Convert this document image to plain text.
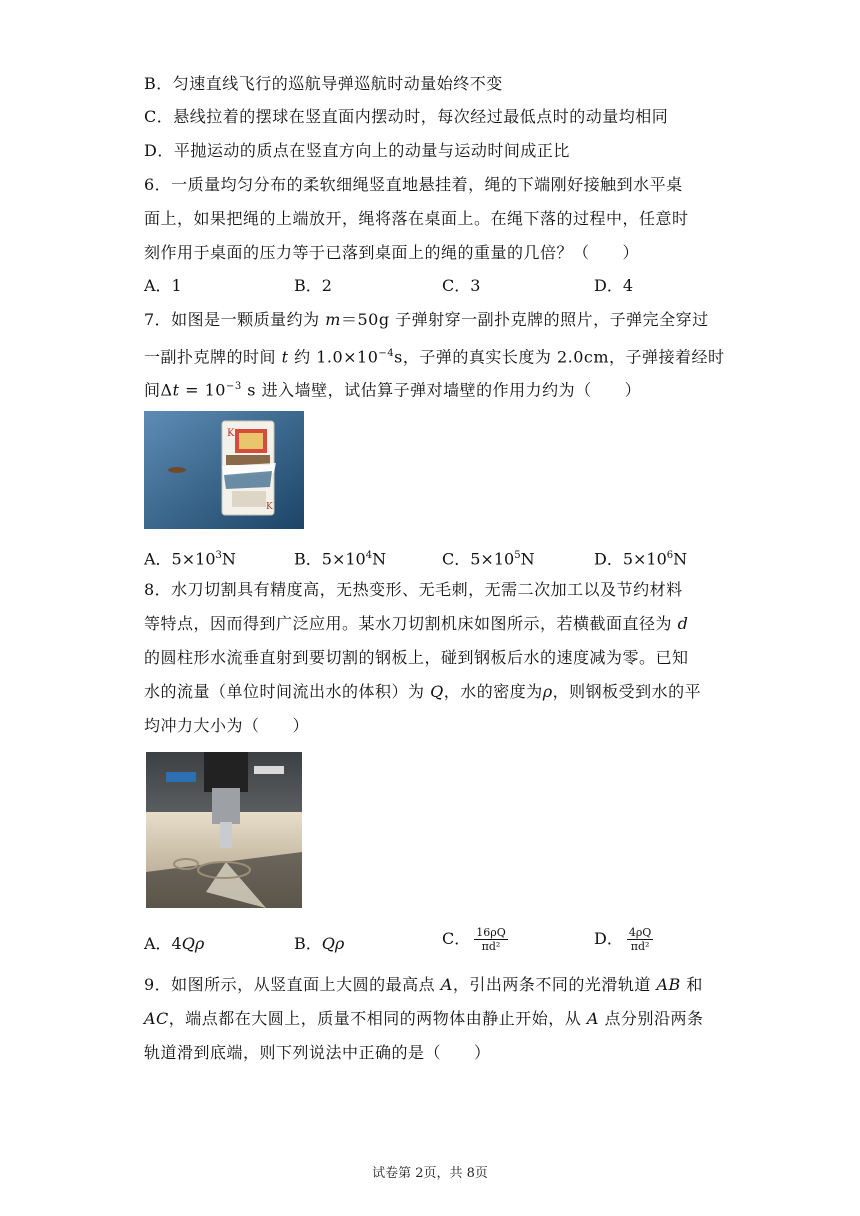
B．匀速直线飞行的巡航导弹巡航时动量始终不变
C．悬线拉着的摆球在竖直面内摆动时，每次经过最低点时的动量均相同
D．平抛运动的质点在竖直方向上的动量与运动时间成正比
6．一质量均匀分布的柔软细绳竖直地悬挂着，绳的下端刚好接触到水平桌
面上，如果把绳的上端放开，绳将落在桌面上。在绳下落的过程中，任意时
刻作用于桌面的压力等于已落到桌面上的绳的重量的几倍？（　　）
A．1	B．2	C．3	D．4
7．如图是一颗质量约为 m＝50g 子弹射穿一副扑克牌的照片，子弹完全穿过
一副扑克牌的时间 t 约 $1.0\times 10^{-4}s$，子弹的真实长度为 2.0cm，子弹接着经时
间$\Delta t = 10^{-3}$ s 进入墙壁，试估算子弹对墙壁的作用力约为（　　）
K
K
A．$5\times 10^3N$	B．$5\times 10^4N$	C．$5\times 10^5N$	D．$5\times 10^6N$
8．水刀切割具有精度高，无热变形、无毛刺，无需二次加工以及节约材料
等特点，因而得到广泛应用。某水刀切割机床如图所示，若横截面直径为 d
的圆柱形水流垂直射到要切割的钢板上，碰到钢板后水的速度减为零。已知
水的流量（单位时间流出水的体积）为 Q，水的密度为ρ，则钢板受到水的平
均冲力大小为（　　）
A．4Qρ	B．Qρ	C． $\frac{16\rho Q}{\text{πd²}}$	D． $\frac{4\rho Q}{\text{πd²}}$
9．如图所示，从竖直面上大圆的最高点 A，引出两条不同的光滑轨道 AB 和
AC，端点都在大圆上，质量不相同的两物体由静止开始，从 A 点分别沿两条
轨道滑到底端，则下列说法中正确的是（　　）
试卷第 2页，共 8页
